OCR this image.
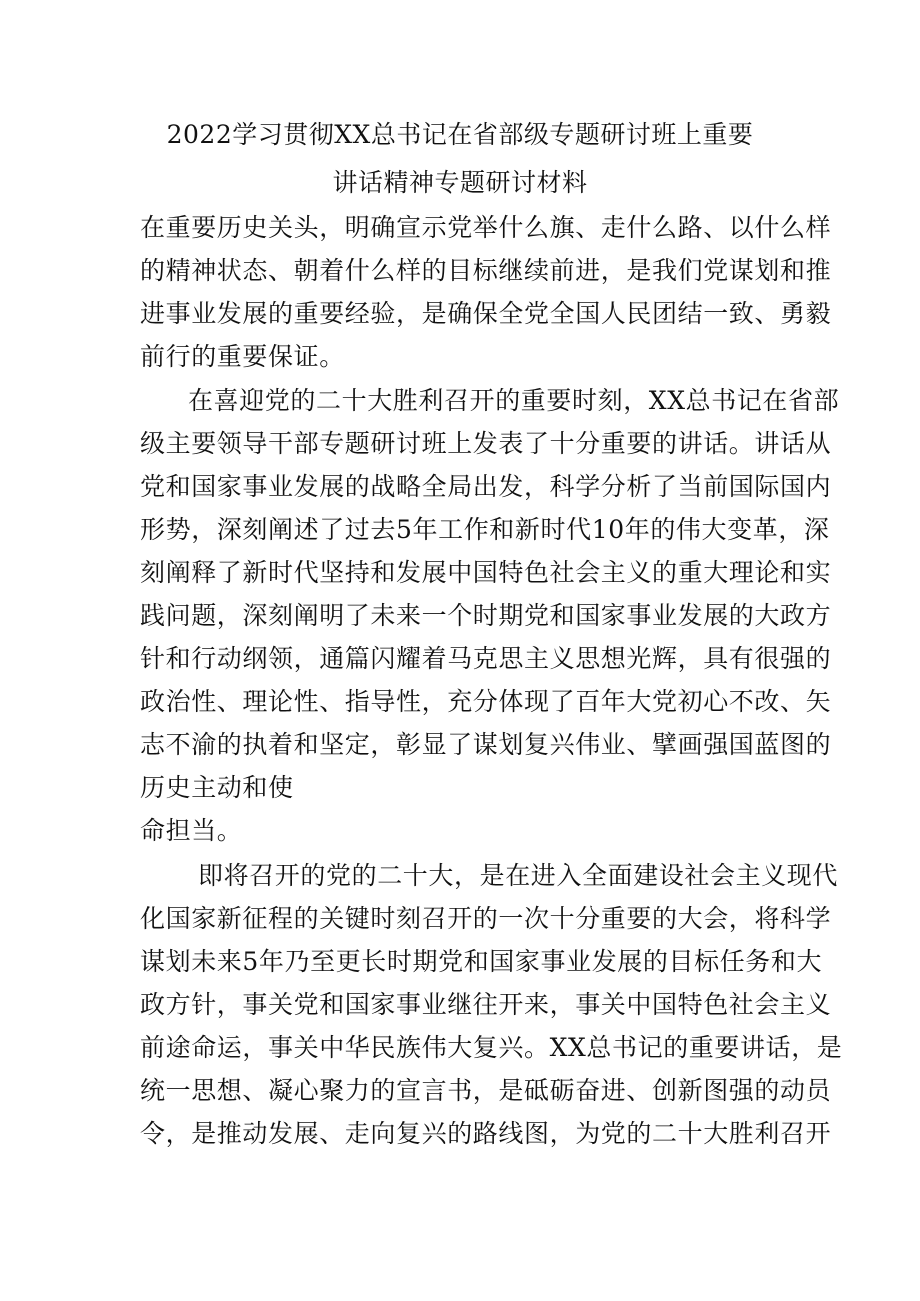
2022学习贯彻XX总书记在省部级专题研讨班上重要
讲话精神专题研讨材料
在重要历史关头，明确宣示党举什么旗、走什么路、以什么样
的精神状态、朝着什么样的目标继续前进，是我们党谋划和推
进事业发展的重要经验，是确保全党全国人民团结一致、勇毅
前行的重要保证。
在喜迎党的二十大胜利召开的重要时刻，XX总书记在省部
级主要领导干部专题研讨班上发表了十分重要的讲话。讲话从
党和国家事业发展的战略全局出发，科学分析了当前国际国内
形势，深刻阐述了过去5年工作和新时代10年的伟大变革，深
刻阐释了新时代坚持和发展中国特色社会主义的重大理论和实
践问题，深刻阐明了未来一个时期党和国家事业发展的大政方
针和行动纲领，通篇闪耀着马克思主义思想光辉，具有很强的
政治性、理论性、指导性，充分体现了百年大党初心不改、矢
志不渝的执着和坚定，彰显了谋划复兴伟业、擘画强国蓝图的
历史主动和使
命担当。
即将召开的党的二十大，是在进入全面建设社会主义现代
化国家新征程的关键时刻召开的一次十分重要的大会，将科学
谋划未来5年乃至更长时期党和国家事业发展的目标任务和大
政方针，事关党和国家事业继往开来，事关中国特色社会主义
前途命运，事关中华民族伟大复兴。XX总书记的重要讲话，是
统一思想、凝心聚力的宣言书，是砥砺奋进、创新图强的动员
令，是推动发展、走向复兴的路线图，为党的二十大胜利召开
